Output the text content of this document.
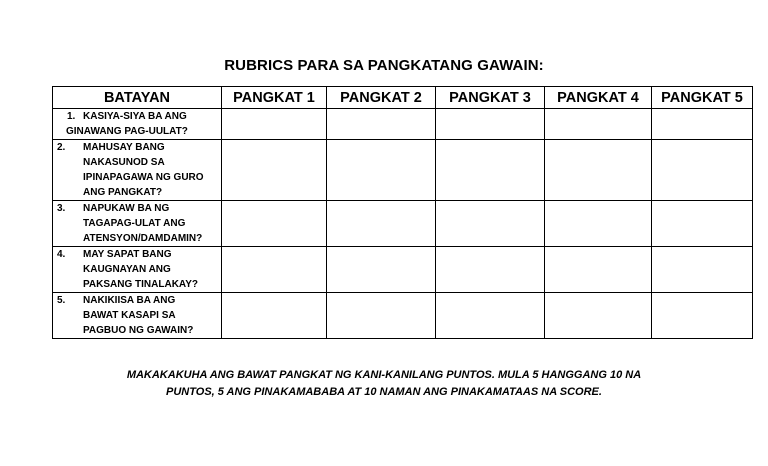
RUBRICS PARA SA PANGKATANG GAWAIN:
BATAYAN	PANGKAT 1	PANGKAT 2	PANGKAT 3	PANGKAT 4	PANGKAT 5

1. KASIYA-SIYA BA ANG
GINAWANG PAG-UULAT?					

2. MAHUSAY BANG
NAKASUNOD SA
IPINAPAGAWA NG GURO
ANG PANGKAT?					

3. NAPUKAW BA NG
TAGAPAG-ULAT ANG
ATENSYON/DAMDAMIN?					

4. MAY SAPAT BANG
KAUGNAYAN ANG
PAKSANG TINALAKAY?					

5. NAKIKIISA BA ANG
BAWAT KASAPI SA
PAGBUO NG GAWAIN?					

MAKAKAKUHA ANG BAWAT PANGKAT NG KANI-KANILANG PUNTOS. MULA 5 HANGGANG 10 NA
PUNTOS, 5 ANG PINAKAMABABA AT 10 NAMAN ANG PINAKAMATAAS NA SCORE.
